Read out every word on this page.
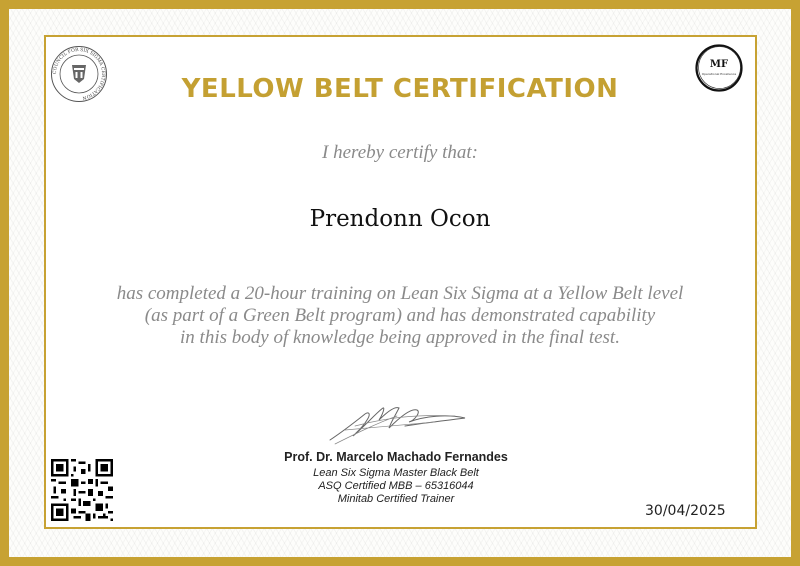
COUNCIL FOR SIX SIGMA CERTIFICATION
MF
Operational Excellence
YELLOW BELT CERTIFICATION
I hereby certify that:
Prendonn Ocon
has completed a 20-hour training on Lean Six Sigma at a Yellow Belt level
(as part of a Green Belt program) and has demonstrated capability
in this body of knowledge being approved in the final test.
Prof. Dr. Marcelo Machado Fernandes
Lean Six Sigma Master Black Belt
ASQ Certified MBB – 65316044
Minitab Certified Trainer
30/04/2025
